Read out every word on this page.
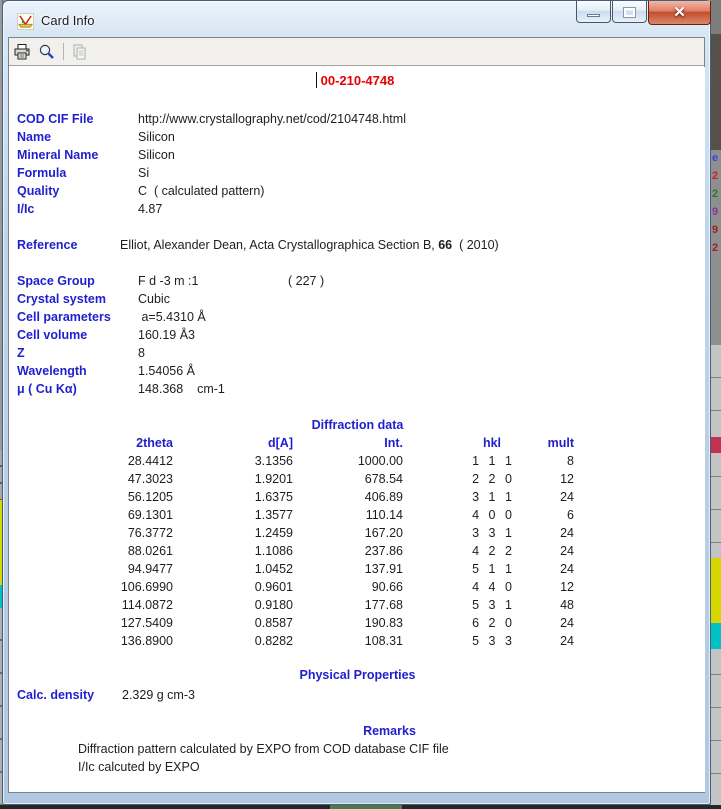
e
2
2
9
9
2
Card Info	✕
00-210-4748
COD CIF File	http://www.crystallography.net/cod/2104748.html
Name	Silicon
Mineral Name	Silicon
Formula	Si
Quality	C  ( calculated pattern)
I/Ic	4.87
Reference	Elliot, Alexander Dean, Acta Crystallographica Section B, 66  ( 2010)
Space Group	F d -3 m :1	( 227 )
Crystal system	Cubic
Cell parameters a=5.4310 Å
Cell volume	160.19 Å3
Z	8
Wavelength	1.54056 Å
μ ( Cu Kα)	148.368    cm-1
Diffraction data
2theta	d[A]	Int.	hkl	mult
28.4412	3.1356	1000.00	1 1 1	8
47.3023	1.9201	678.54	2 2 0	12
56.1205	1.6375	406.89	3 1 1	24
69.1301	1.3577	110.14	4 0 0	6
76.3772	1.2459	167.20	3 3 1	24
88.0261	1.1086	237.86	4 2 2	24
94.9477	1.0452	137.91	5 1 1	24
106.6990	0.9601	90.66	4 4 0	12
114.0872	0.9180	177.68	5 3 1	48
127.5409	0.8587	190.83	6 2 0	24
136.8900	0.8282	108.31	5 3 3	24
Physical Properties
Calc. density 2.329 g cm-3
Remarks
Diffraction pattern calculated by EXPO from COD database CIF file
I/Ic calcuted by EXPO
